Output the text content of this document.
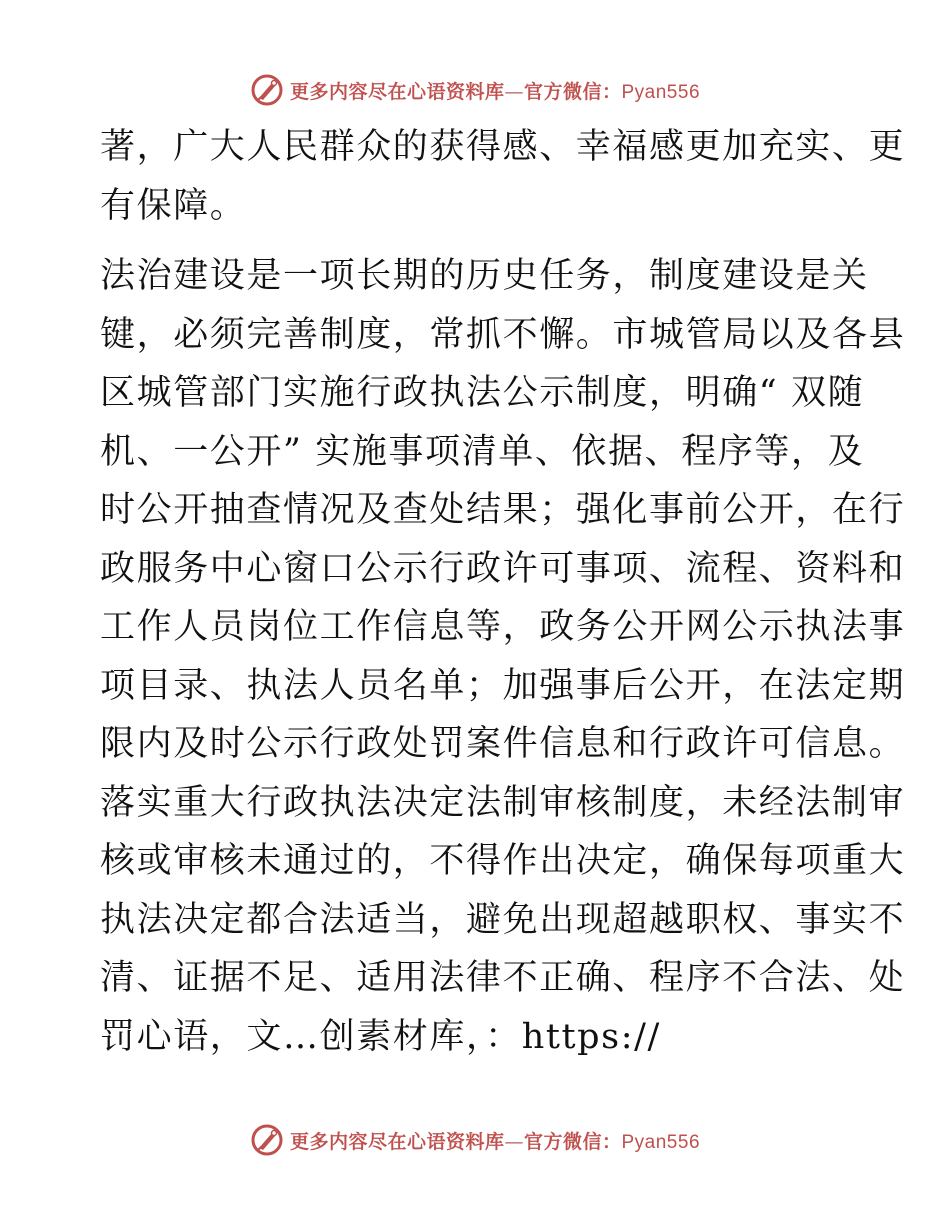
更多内容尽在心语资料库—官方微信：Pyan556
著，广大人民群众的获得感、幸福感更加充实、更
有保障。
法治建设是一项长期的历史任务，制度建设是关
键，必须完善制度，常抓不懈。市城管局以及各县
区城管部门实施行政执法公示制度，明确“ 双随
机、一公开” 实施事项清单、依据、程序等，及
时公开抽查情况及查处结果；强化事前公开，在行
政服务中心窗口公示行政许可事项、流程、资料和
工作人员岗位工作信息等，政务公开网公示执法事
项目录、执法人员名单；加强事后公开，在法定期
限内及时公示行政处罚案件信息和行政许可信息。
落实重大行政执法决定法制审核制度，未经法制审
核或审核未通过的，不得作出决定，确保每项重大
执法决定都合法适当，避免出现超越职权、事实不
清、证据不足、适用法律不正确、程序不合法、处
罚心语，文…创素材库，：https://
更多内容尽在心语资料库—官方微信：Pyan556
